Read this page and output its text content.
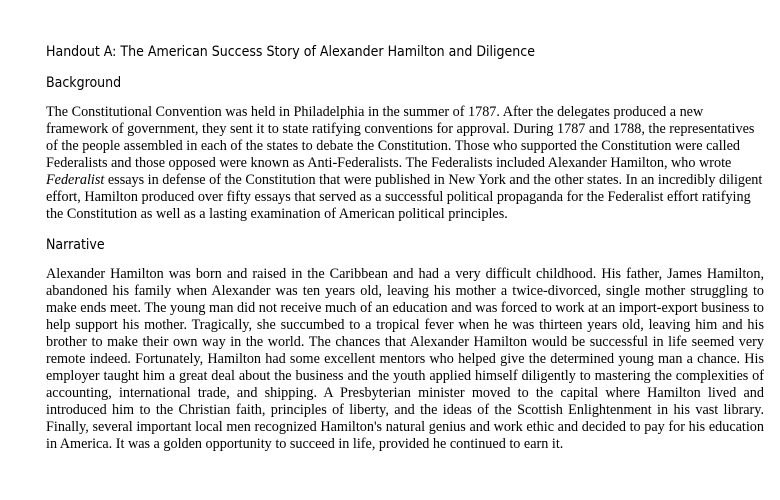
Handout A: The American Success Story of Alexander Hamilton and Diligence
Background

The Constitutional Convention was held in Philadelphia in the summer of 1787. After the delegates produced a new framework of government, they sent it to state ratifying conventions for approval. During 1787 and 1788, the representatives of the people assembled in each of the states to debate the Constitution. Those who supported the Constitution were called Federalists and those opposed were known as Anti-Federalists. The Federalists included Alexander Hamilton, who wrote Federalist essays in defense of the Constitution that were published in New York and the other states. In an incredibly diligent effort, Hamilton produced over fifty essays that served as a successful political propaganda for the Federalist effort ratifying the Constitution as well as a lasting examination of American political principles.

Narrative

Alexander Hamilton was born and raised in the Caribbean and had a very difficult childhood. His father, James Hamilton, abandoned his family when Alexander was ten years old, leaving his mother a twice-divorced, single mother struggling to make ends meet. The young man did not receive much of an education and was forced to work at an import-export business to help support his mother. Tragically, she succumbed to a tropical fever when he was thirteen years old, leaving him and his brother to make their own way in the world. The chances that Alexander Hamilton would be successful in life seemed very remote indeed. Fortunately, Hamilton had some excellent mentors who helped give the determined young man a chance. His employer taught him a great deal about the business and the youth applied himself diligently to mastering the complexities of accounting, international trade, and shipping. A Presbyterian minister moved to the capital where Hamilton lived and introduced him to the Christian faith, principles of liberty, and the ideas of the Scottish Enlightenment in his vast library. Finally, several important local men recognized Hamilton's natural genius and work ethic and decided to pay for his education in America. It was a golden opportunity to succeed in life, provided he continued to earn it.
